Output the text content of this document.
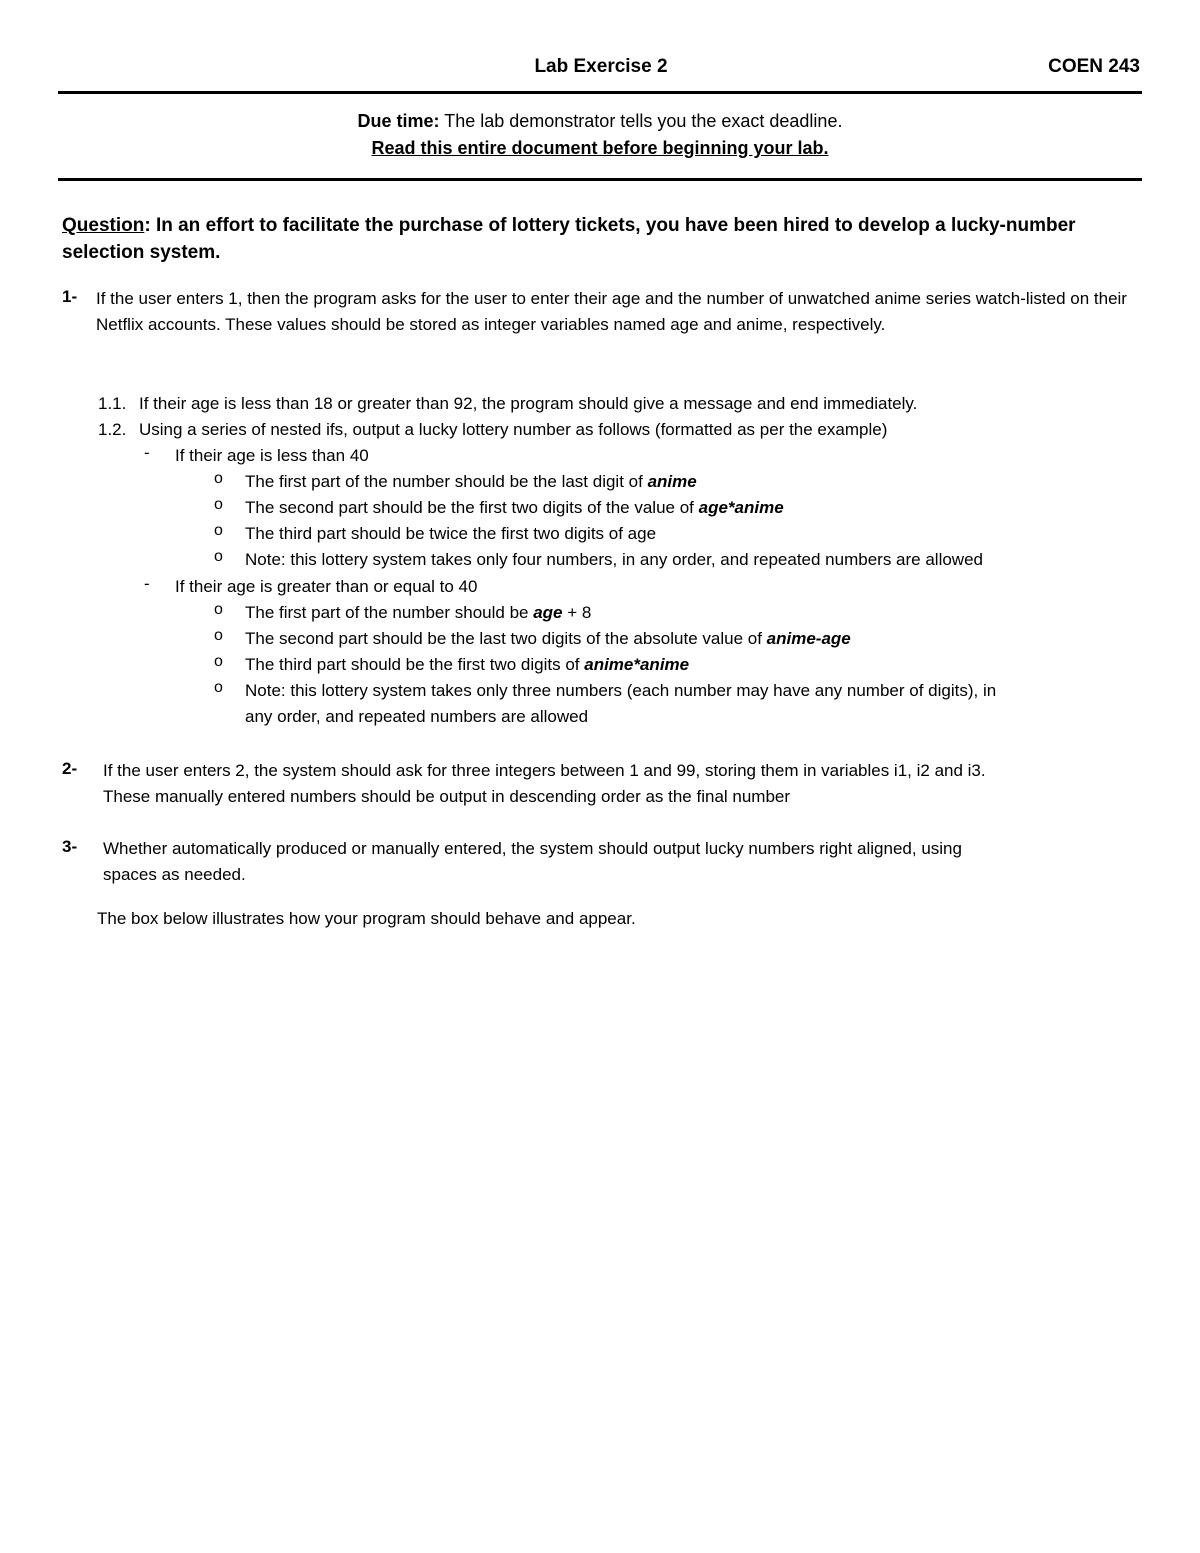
Lab Exercise 2	COEN 243
Due time: The lab demonstrator tells you the exact deadline.
Read this entire document before beginning your lab.
Question: In an effort to facilitate the purchase of lottery tickets, you have been hired to develop a lucky-number selection system.
1- If the user enters 1, then the program asks for the user to enter their age and the number of unwatched anime series watch-listed on their Netflix accounts. These values should be stored as integer variables named age and anime, respectively.
1.1. If their age is less than 18 or greater than 92, the program should give a message and end immediately.
1.2. Using a series of nested ifs, output a lucky lottery number as follows (formatted as per the example)
- If their age is less than 40
o The first part of the number should be the last digit of anime
o The second part should be the first two digits of the value of age*anime
o The third part should be twice the first two digits of age
o Note: this lottery system takes only four numbers, in any order, and repeated numbers are allowed
- If their age is greater than or equal to 40
o The first part of the number should be age + 8
o The second part should be the last two digits of the absolute value of anime-age
o The third part should be the first two digits of anime*anime
o Note: this lottery system takes only three numbers (each number may have any number of digits), in
any order, and repeated numbers are allowed
2- If the user enters 2, the system should ask for three integers between 1 and 99, storing them in variables i1, i2 and i3.
These manually entered numbers should be output in descending order as the final number
3- Whether automatically produced or manually entered, the system should output lucky numbers right aligned, using
spaces as needed.
The box below illustrates how your program should behave and appear.
